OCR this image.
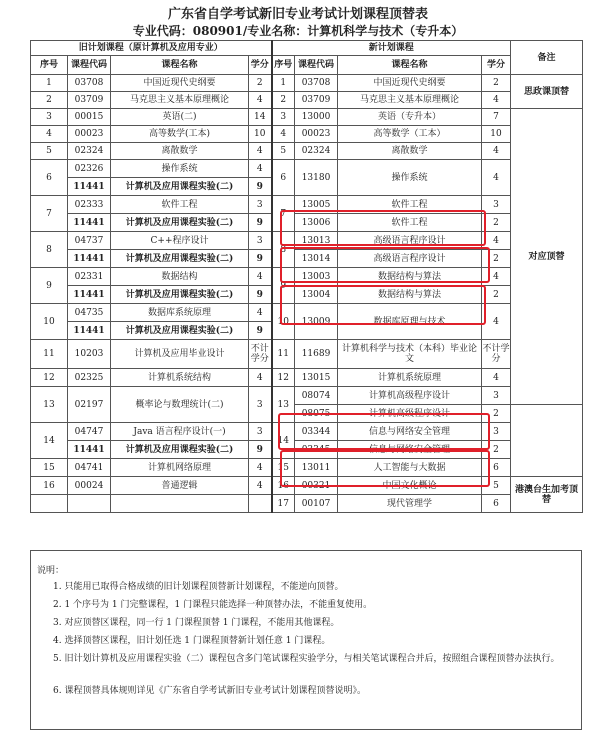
广东省自学考试新旧专业考试计划课程顶替表
专业代码：080901/专业名称：计算机科学与技术（专升本）
旧计划课程（原计算机及应用专业）				新计划课程				备注	
序号	课程代码	课程名称	学分	序号	课程代码	课程名称	学分		
1	03708	中国近现代史纲要	2	1	03708	中国近现代史纲要	2	思政课顶替	
2	03709	马克思主义基本原理概论	4	2	03709	马克思主义基本原理概论	4		
3	00015	英语(二)	14	3	13000	英语（专升本）	7	对应顶替	
4	00023	高等数学(工本)	10	4	00023	高等数学（工本）	10		
5	02324	离散数学	4	5	02324	离散数学	4		
6	02326	操作系统	4	6	13180	操作系统	4		
	11441	计算机及应用课程实验(二)	9						
7	02333	软件工程	3	7	13005	软件工程	3		
	11441	计算机及应用课程实验(二)	9		13006	软件工程	2		
8	04737	C++程序设计	3	8	13013	高级语言程序设计	4		
	11441	计算机及应用课程实验(二)	9		13014	高级语言程序设计	2		
9	02331	数据结构	4	9	13003	数据结构与算法	4		
	11441	计算机及应用课程实验(二)	9		13004	数据结构与算法	2		
10	04735	数据库系统原理	4	10	13009	数据库原理与技术	4		
	11441	计算机及应用课程实验(二)	9						
11	10203	计算机及应用毕业设计	不计学分	11	11689	计算机科学与技术（本科）毕业论文	不计学分		
12	02325	计算机系统结构	4	12	13015	计算机系统原理	4		
13	02197	概率论与数理统计(二)	3	13	08074	计算机高级程序设计	3	
					08075	计算机高级程序设计	2		
14	04747	Java 语言程序设计(一)	3	14	03344	信息与网络安全管理	3		
	11441	计算机及应用课程实验(二)	9		03345	信息与网络安全管理	2		
15	04741	计算机网络原理	4	15	13011	人工智能与大数据	6		
16	00024	普通逻辑	4	16	00321	中国文化概论	5	港澳台生加考顶替	
				17	00107	现代管理学	6		
说明：
1. 只能用已取得合格成绩的旧计划课程顶替新计划课程，不能逆向顶替。
2. 1 个序号为 1 门完整课程，1 门课程只能选择一种顶替办法，不能重复使用。
3. 对应顶替区课程，同一行 1 门课程顶替 1 门课程，不能用其他课程。
4. 选择顶替区课程，旧计划任选 1 门课程顶替新计划任意 1 门课程。
5. 旧计划计算机及应用课程实验（二）课程包含多门笔试课程实验学分，与相关笔试课程合并后，按照组合课程顶替办法执行。
6. 课程顶替具体规则详见《广东省自学考试新旧专业考试计划课程顶替说明》。
